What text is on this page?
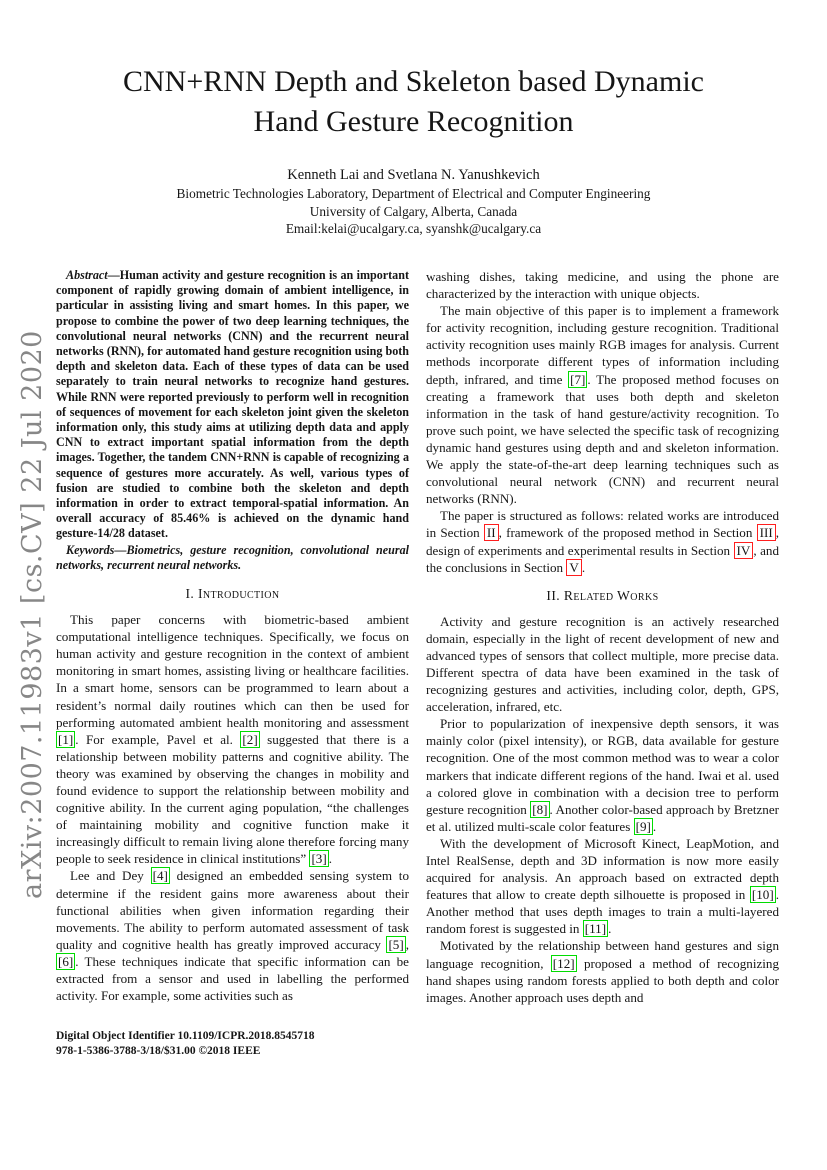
arXiv:2007.11983v1 [cs.CV] 22 Jul 2020
CNN+RNN Depth and Skeleton based Dynamic
Hand Gesture Recognition
Kenneth Lai and Svetlana N. Yanushkevich
Biometric Technologies Laboratory, Department of Electrical and Computer Engineering
University of Calgary, Alberta, Canada
Email:kelai@ucalgary.ca, syanshk@ucalgary.ca

Abstract—Human activity and gesture recognition is an important component of rapidly growing domain of ambient intelligence, in particular in assisting living and smart homes. In this paper, we propose to combine the power of two deep learning techniques, the convolutional neural networks (CNN) and the recurrent neural networks (RNN), for automated hand gesture recognition using both depth and skeleton data. Each of these types of data can be used separately to train neural networks to recognize hand gestures. While RNN were reported previously to perform well in recognition of sequences of movement for each skeleton joint given the skeleton information only, this study aims at utilizing depth data and apply CNN to extract important spatial information from the depth images. Together, the tandem CNN+RNN is capable of recognizing a sequence of gestures more accurately. As well, various types of fusion are studied to combine both the skeleton and depth information in order to extract temporal-spatial information. An overall accuracy of 85.46% is achieved on the dynamic hand gesture-14/28 dataset.

Keywords—Biometrics, gesture recognition, convolutional neural networks, recurrent neural networks.

I. Introduction

This paper concerns with biometric-based ambient computational intelligence techniques. Specifically, we focus on human activity and gesture recognition in the context of ambient monitoring in smart homes, assisting living or healthcare facilities. In a smart home, sensors can be programmed to learn about a resident’s normal daily routines which can then be used for performing automated ambient health monitoring and assessment [1] . For example, Pavel et al. [2] suggested that there is a relationship between mobility patterns and cognitive ability. The theory was examined by observing the changes in mobility and found evidence to support the relationship between mobility and cognitive ability. In the current aging population, “the challenges of maintaining mobility and cognitive function make it increasingly difficult to remain living alone therefore forcing many people to seek residence in clinical institutions” [3] .

Lee and Dey [4] designed an embedded sensing system to determine if the resident gains more awareness about their functional abilities when given information regarding their movements. The ability to perform automated assessment of task quality and cognitive health has greatly improved accuracy [5] , [6] . These techniques indicate that specific information can be extracted from a sensor and used in labelling the performed activity. For example, some activities such as

washing dishes, taking medicine, and using the phone are characterized by the interaction with unique objects.

The main objective of this paper is to implement a framework for activity recognition, including gesture recognition. Traditional activity recognition uses mainly RGB images for analysis. Current methods incorporate different types of information including depth, infrared, and time [7] . The proposed method focuses on creating a framework that uses both depth and skeleton information in the task of hand gesture/activity recognition. To prove such point, we have selected the specific task of recognizing dynamic hand gestures using depth and and skeleton information. We apply the state-of-the-art deep learning techniques such as convolutional neural network (CNN) and recurrent neural networks (RNN).

The paper is structured as follows: related works are introduced in Section II , framework of the proposed method in Section III , design of experiments and experimental results in Section IV , and the conclusions in Section V .

II. Related Works

Activity and gesture recognition is an actively researched domain, especially in the light of recent development of new and advanced types of sensors that collect multiple, more precise data. Different spectra of data have been examined in the task of recognizing gestures and activities, including color, depth, GPS, acceleration, infrared, etc.

Prior to popularization of inexpensive depth sensors, it was mainly color (pixel intensity), or RGB, data available for gesture recognition. One of the most common method was to wear a color markers that indicate different regions of the hand. Iwai et al. used a colored glove in combination with a decision tree to perform gesture recognition [8] . Another color-based approach by Bretzner et al. utilized multi-scale color features [9] .

With the development of Microsoft Kinect, LeapMotion, and Intel RealSense, depth and 3D information is now more easily acquired for analysis. An approach based on extracted depth features that allow to create depth silhouette is proposed in [10] . Another method that uses depth images to train a multi-layered random forest is suggested in [11] .

Motivated by the relationship between hand gestures and sign language recognition, [12] proposed a method of recognizing hand shapes using random forests applied to both depth and color images. Another approach uses depth and

Digital Object Identifier 10.1109/ICPR.2018.8545718
978-1-5386-3788-3/18/$31.00 ©2018 IEEE
